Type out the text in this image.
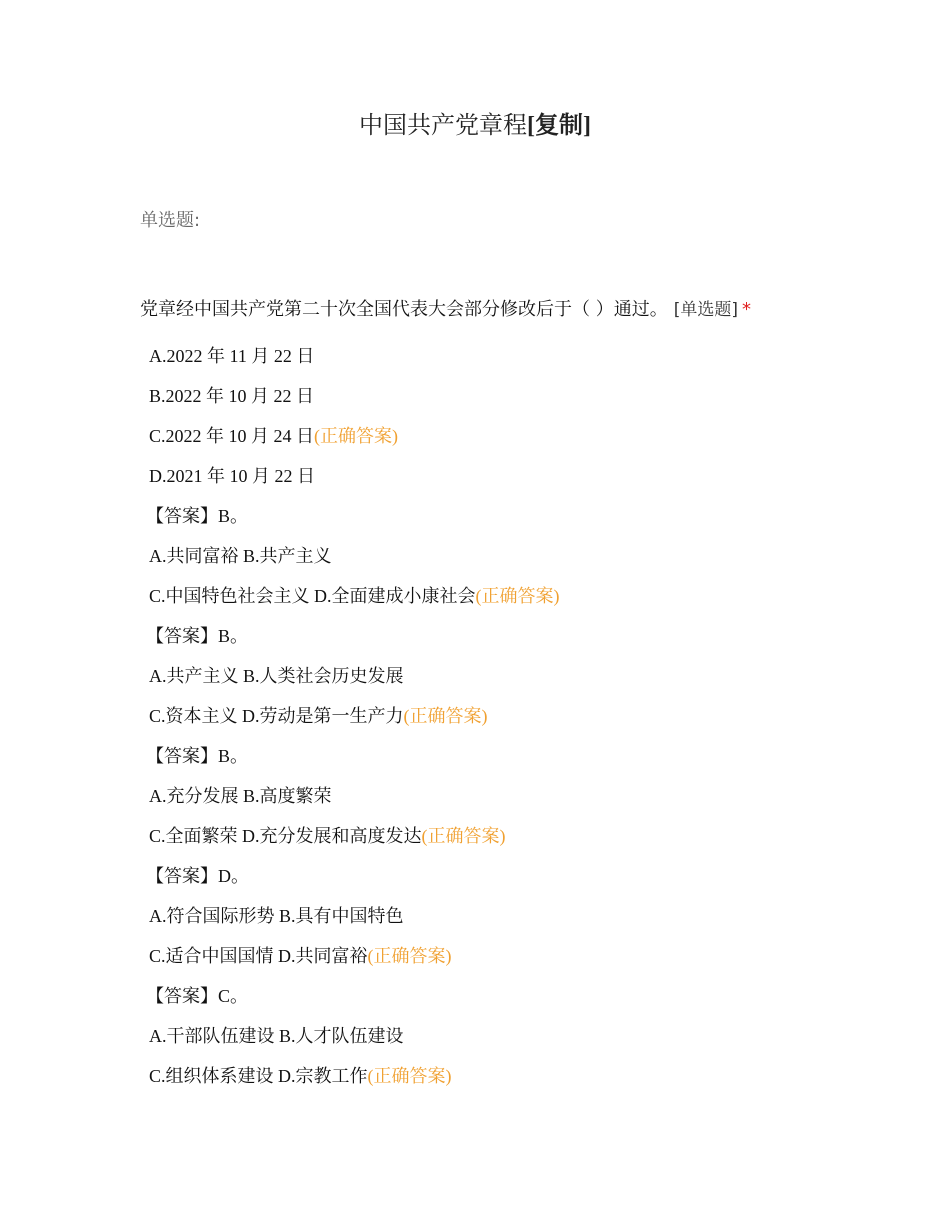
中国共产党章程[复制]
单选题:
党章经中国共产党第二十次全国代表大会部分修改后于（ ）通过。 [单选题] *
A.2022 年 11 月 22 日
B.2022 年 10 月 22 日
C.2022 年 10 月 24 日(正确答案)
D.2021 年 10 月 22 日
【答案】B。
A.共同富裕 B.共产主义
C.中国特色社会主义 D.全面建成小康社会(正确答案)
【答案】B。
A.共产主义 B.人类社会历史发展
C.资本主义 D.劳动是第一生产力(正确答案)
【答案】B。
A.充分发展 B.高度繁荣
C.全面繁荣 D.充分发展和高度发达(正确答案)
【答案】D。
A.符合国际形势 B.具有中国特色
C.适合中国国情 D.共同富裕(正确答案)
【答案】C。
A.干部队伍建设 B.人才队伍建设
C.组织体系建设 D.宗教工作(正确答案)
